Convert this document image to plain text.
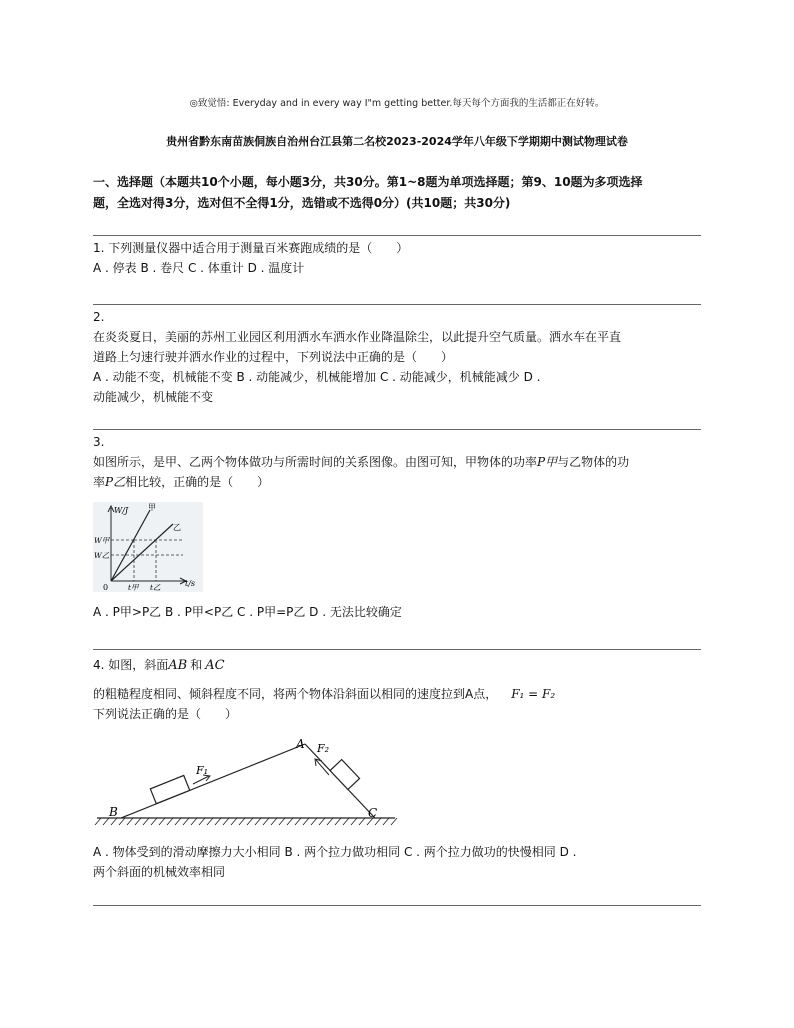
◎致觉悟: Everyday and in every way I"m getting better.每天每个方面我的生活都正在好转。
贵州省黔东南苗族侗族自治州台江县第二名校2023-2024学年八年级下学期期中测试物理试卷
一、选择题（本题共10个小题，每小题3分，共30分。第1~8题为单项选择题；第9、10题为多项选择
题，全选对得3分，选对但不全得1分，选错或不选得0分）(共10题；共30分)
1. 下列测量仪器中适合用于测量百米赛跑成绩的是（　　）
A . 停表 B . 卷尺 C . 体重计 D . 温度计
2.
在炎炎夏日，美丽的苏州工业园区利用洒水车洒水作业降温除尘，以此提升空气质量。洒水车在平直
道路上匀速行驶并洒水作业的过程中，下列说法中正确的是（　　）
A . 动能不变，机械能不变 B . 动能减少，机械能增加 C . 动能减少，机械能减少 D .
动能减少，机械能不变
3.
如图所示，是甲、乙两个物体做功与所需时间的关系图像。由图可知，甲物体的功率P甲与乙物体的功
率P乙相比较，正确的是（　　）
W/J
t/s
0
甲
乙
W甲
W乙
t甲 t乙
A . P甲>P乙 B . P甲<P乙 C . P甲=P乙 D . 无法比较确定
4. 如图，斜面AB 和 AC
的粗糙程度相同、倾斜程度不同，将两个物体沿斜面以相同的速度拉到A点， F₁ = F₂
下列说法正确的是（　　）
A
B	C
F₁
F₂
A . 物体受到的滑动摩擦力大小相同 B . 两个拉力做功相同 C . 两个拉力做功的快慢相同 D .
两个斜面的机械效率相同
